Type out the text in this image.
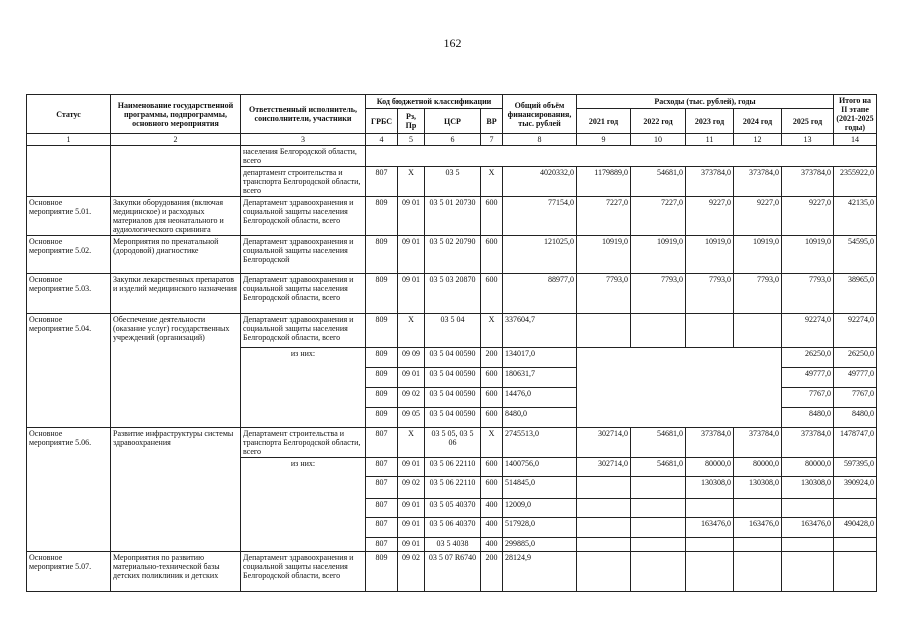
162
Статус	Наименование государственной программы, подпрограммы, основного мероприятия	Ответственный исполнитель, соисполнители, участники	Код бюджетной классификации				Общий объём финансирования, тыс. рублей	Расходы (тыс. рублей), годы					Итого на II этапе (2021-2025 годы)
			ГРБС	Рз, Пр	ЦСР	ВР		2021 год	2022 год	2023 год	2024 год	2025 год	
1	2	3	4	5	6	7	8	9	10	11	12	13	14
		населения Белгородской области, всего											
		департамент строительства и транспорта Белгородской области, всего	807	X	03 5	X	4020332,0	1179889,0	54681,0	373784,0	373784,0	373784,0	2355922,0
Основное мероприятие 5.01.	Закупки оборудования (включая медицинское) и расходных материалов для неонатального и аудиологического скрининга	Департамент здравоохранения и социальной защиты населения Белгородской области, всего	809	09 01	03 5 01 20730	600	77154,0	7227,0	7227,0	9227,0	9227,0	9227,0	42135,0
Основное мероприятие 5.02.	Мероприятия по пренатальной (дородовой) диагностике	Департамент здравоохранения и социальной защиты населения Белгородской	809	09 01	03 5 02 20790	600	121025,0	10919,0	10919,0	10919,0	10919,0	10919,0	54595,0
Основное мероприятие 5.03.	Закупки лекарственных препаратов и изделий медицинского назначения	Департамент здравоохранения и социальной защиты населения Белгородской области, всего	809	09 01	03 5 03 20870	600	88977,0	7793,0	7793,0	7793,0	7793,0	7793,0	38965,0
Основное мероприятие 5.04.	Обеспечение деятельности (оказание услуг) государственных учреждений (организаций)	Департамент здравоохранения и социальной защиты населения Белгородской области, всего	809	X	03 5 04	X	337604,7					92274,0	92274,0
		из них:	809	09 09	03 5 04 00590	200	134017,0					26250,0	26250,0
			809	09 01	03 5 04 00590	600	180631,7					49777,0	49777,0
			809	09 02	03 5 04 00590	600	14476,0					7767,0	7767,0
			809	09 05	03 5 04 00590	600	8480,0					8480,0	8480,0
Основное мероприятие 5.06.	Развитие инфраструктуры системы здравоохранения	Департамент строительства и транспорта Белгородской области, всего	807	X	03 5 05, 03 5 06	X	2745513,0	302714,0	54681,0	373784,0	373784,0	373784,0	1478747,0
		из них:	807	09 01	03 5 06 22110	600	1400756,0	302714,0	54681,0	80000,0	80000,0	80000,0	597395,0
			807	09 02	03 5 06 22110	600	514845,0			130308,0	130308,0	130308,0	390924,0
			807	09 01	03 5 05 40370	400	12009,0						
			807	09 01	03 5 06 40370	400	517928,0			163476,0	163476,0	163476,0	490428,0
			807	09 01	03 5 4038	400	299885,0						
Основное мероприятие 5.07.	Мероприятия по развитию материально-технической базы детских поликлиник и детских	Департамент здравоохранения и социальной защиты населения Белгородской области, всего	809	09 02	03 5 07 R6740	200	28124,9						
